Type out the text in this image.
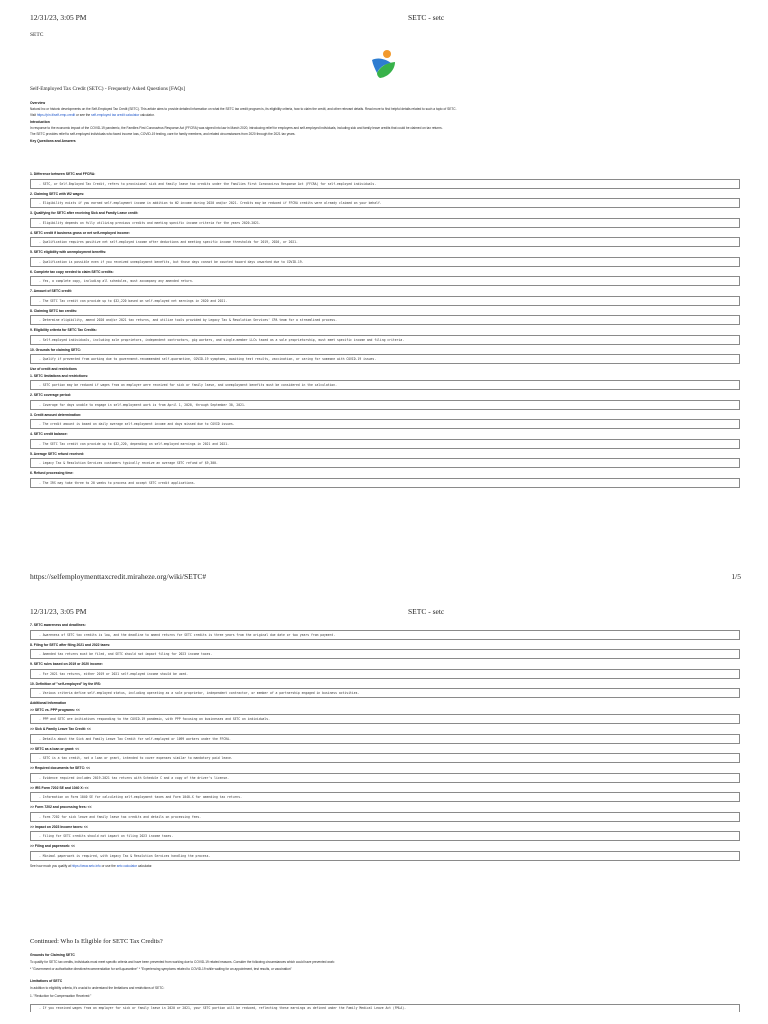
12/31/23, 3:05 PM	SETC - setc
SETC
Self-Employed Tax Credit (SETC) - Frequently Asked Questions [FAQs]
Overview
Natural Inc or historic developments on the Self-Employed Tax Credit (SETC). This article aims to provide detailed information on what the SETC tax credit program is, its eligibility criteria, how to claim the credit, and other relevant details. Read more to find helpful details related to such a topic of SETC.
Visit https://pin.it/self-emp-credit or see the self-employed tax credit calculator calculator.
Introduction
In response to the economic impact of the COVID-19 pandemic, the Families First Coronavirus Response Act (FFCRA) was signed into law in March 2020, introducing relief for employers and self-employed individuals, including sick and family leave credits that could be claimed on tax returns.
The SETC provides relief to self-employed individuals who faced income loss, COVID-19 testing, care for family members, and related circumstances from 2020 through the 2021 tax years.
Key Questions and Answers
1. Difference between SETC and FFCRA:
- SETC, or Self-Employed Tax Credit, refers to provisional sick and family leave tax credits under the Families First Coronavirus Response Act (FFCRA) for self-employed individuals.
2. Claiming SETC with W2 wages:
- Eligibility exists if you earned self-employment income in addition to W2 income during 2020 and/or 2021. Credits may be reduced if FFCRA credits were already claimed on your behalf.
3. Qualifying for SETC after receiving Sick and Family Leave credit:
- Eligibility depends on fully utilizing previous credits and meeting specific income criteria for the years 2020-2021.
4. SETC credit if business gross or net self-employed income:
- Qualification requires positive net self-employed income after deductions and meeting specific income thresholds for 2019, 2020, or 2021.
5. SETC eligibility with unemployment benefits:
- Qualification is possible even if you received unemployment benefits, but those days cannot be counted toward days unworked due to COVID-19.
6. Complete tax copy needed to claim SETC credits:
- Yes, a complete copy, including all schedules, must accompany any amended return.
7. Amount of SETC credit:
- The SETC Tax credit can provide up to $32,220 based on self-employed net earnings in 2020 and 2021.
8. Claiming SETC tax credits:
- Determine eligibility, amend 2020 and/or 2021 tax returns, and utilize tools provided by Legacy Tax & Resolution Services' CPA team for a streamlined process.
9. Eligibility criteria for SETC Tax Credits:
- Self-employed individuals, including sole proprietors, independent contractors, gig workers, and single-member LLCs taxed as a sole proprietorship, must meet specific income and filing criteria.
10. Grounds for claiming SETC:
- Qualify if prevented from working due to government-recommended self-quarantine, COVID-19 symptoms, awaiting test results, vaccination, or caring for someone with COVID-19 issues.
Use of credit and restrictions
1. SETC limitations and restrictions:
- SETC portion may be reduced if wages from an employer were received for sick or family leave, and unemployment benefits must be considered in the calculation.
2. SETC coverage period:
- Coverage for days unable to engage in self-employment work is from April 1, 2020, through September 30, 2021.
3. Credit amount determination:
- The credit amount is based on daily average self-employment income and days missed due to COVID issues.
4. SETC credit balance:
- The SETC Tax credit can provide up to $32,220, depending on self-employed earnings in 2021 and 2021.
5. Average SETC refund received:
- Legacy Tax & Resolution Services customers typically receive an average SETC refund of $9,300.
6. Refund processing time:
- The IRS may take three to 20 weeks to process and accept SETC credit applications.
https://selfemploymenttaxcredit.miraheze.org/wiki/SETC#	1/5
12/31/23, 3:05 PM	SETC - setc
7. SETC awareness and deadlines:
- Awareness of SETC tax credits is low, and the deadline to amend returns for SETC credits is three years from the original due date or two years from payment.
8. Filing for SETC after filing 2021 and 2022 taxes:
- Amended tax returns must be filed, and SETC should not impact filing for 2023 income taxes.
9. SETC rules based on 2019 or 2020 income:
- For 2021 tax returns, either 2019 or 2021 self-employed income should be used.
10. Definition of "self-employed" by the IRS:
- Various criteria define self-employed status, including operating as a sole proprietor, independent contractor, or member of a partnership engaged in business activities.
Additional Information
>> SETC vs. PPP programs: <<
- PPP and SETC are initiatives responding to the COVID-19 pandemic, with PPP focusing on businesses and SETC on individuals.
>> Sick & Family Leave Tax Credit: <<
- Details about the Sick and Family Leave Tax Credit for self-employed or 1099 workers under the FFCRA.
>> SETC as a loan or grant: <<
- SETC is a tax credit, not a loan or grant, intended to cover expenses similar to mandatory paid leave.
>> Required documents for SETC: <<
- Evidence required includes 2019-2021 tax returns with Schedule C and a copy of the driver's license.
>> IRS Form 7202 SE and 1040 X: <<
- Information on Form 1040 SE for calculating self-employment taxes and Form 1040-X for amending tax returns.
>> Form 7202 and processing fees: <<
- Form 7202 for sick leave and family leave tax credits and details on processing fees.
>> Impact on 2023 Income taxes: <<
- Filing for SETC credits should not impact on filing 2023 income taxes.
>> Filing and paperwork: <<
- Minimal paperwork is required, with Legacy Tax & Resolution Services handling the process.
See how much you qualify at https://www.setc.info or use the setc calculator calculator.
Continued: Who Is Eligible for SETC Tax Credits?
Grounds for Claiming SETC
To qualify for SETC tax credits, individuals must meet specific criteria and have been prevented from working due to COVID-19 related reasons. Consider the following circumstances which could have prevented work:
* "Government or authoritative directive/recommendation for self-quarantine" * "Experiencing symptoms related to COVID-19 while waiting for an appointment, test results, or vaccination"
Limitations of SETC
In addition to eligibility criteria, it's crucial to understand the limitations and restrictions of SETC:
1. "Reduction for Compensation Received:"
- If you received wages from an employer for sick or family leave in 2020 or 2021, your SETC portion will be reduced, reflecting these earnings as defined under the Family Medical Leave Act (FMLA).
